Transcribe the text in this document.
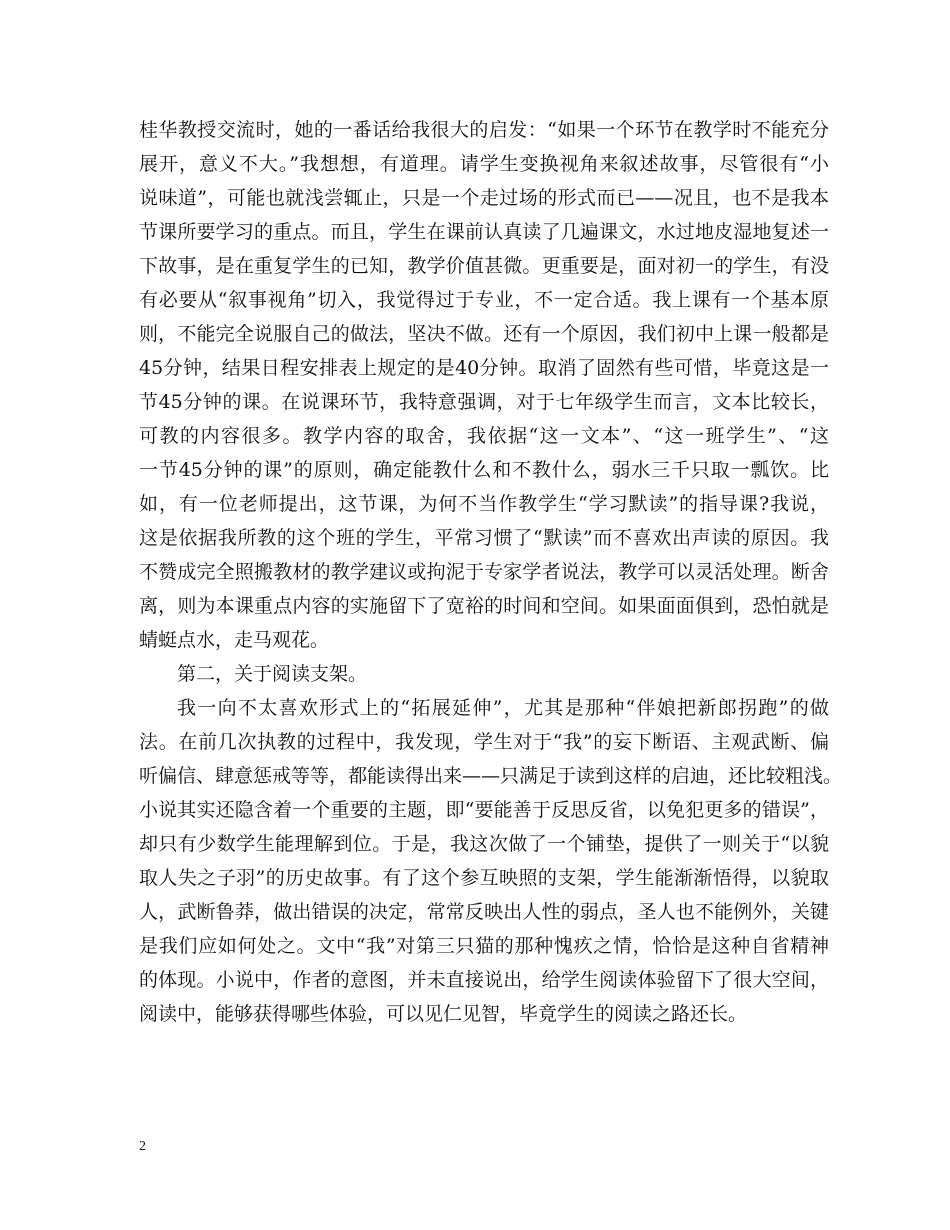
桂华教授交流时，她的一番话给我很大的启发：“如果一个环节在教学时不能充分
展开，意义不大。”我想想，有道理。请学生变换视角来叙述故事，尽管很有“小
说味道”，可能也就浅尝辄止，只是一个走过场的形式而已——况且，也不是我本
节课所要学习的重点。而且，学生在课前认真读了几遍课文，水过地皮湿地复述一
下故事，是在重复学生的已知，教学价值甚微。更重要是，面对初一的学生，有没
有必要从“叙事视角”切入，我觉得过于专业，不一定合适。我上课有一个基本原
则，不能完全说服自己的做法，坚决不做。还有一个原因，我们初中上课一般都是
45分钟，结果日程安排表上规定的是40分钟。取消了固然有些可惜，毕竟这是一
节45分钟的课。在说课环节，我特意强调，对于七年级学生而言，文本比较长，
可教的内容很多。教学内容的取舍，我依据“这一文本”、“这一班学生”、“这
一节45分钟的课”的原则，确定能教什么和不教什么，弱水三千只取一瓢饮。比
如，有一位老师提出，这节课，为何不当作教学生“学习默读”的指导课?我说，
这是依据我所教的这个班的学生，平常习惯了“默读”而不喜欢出声读的原因。我
不赞成完全照搬教材的教学建议或拘泥于专家学者说法，教学可以灵活处理。断舍
离，则为本课重点内容的实施留下了宽裕的时间和空间。如果面面俱到，恐怕就是
蜻蜓点水，走马观花。
第二，关于阅读支架。
我一向不太喜欢形式上的“拓展延伸”，尤其是那种“伴娘把新郎拐跑”的做
法。在前几次执教的过程中，我发现，学生对于“我”的妄下断语、主观武断、偏
听偏信、肆意惩戒等等，都能读得出来——只满足于读到这样的启迪，还比较粗浅。
小说其实还隐含着一个重要的主题，即“要能善于反思反省，以免犯更多的错误”，
却只有少数学生能理解到位。于是，我这次做了一个铺垫，提供了一则关于“以貌
取人失之子羽”的历史故事。有了这个参互映照的支架，学生能渐渐悟得，以貌取
人，武断鲁莽，做出错误的决定，常常反映出人性的弱点，圣人也不能例外，关键
是我们应如何处之。文中“我”对第三只猫的那种愧疚之情，恰恰是这种自省精神
的体现。小说中，作者的意图，并未直接说出，给学生阅读体验留下了很大空间，
阅读中，能够获得哪些体验，可以见仁见智，毕竟学生的阅读之路还长。
2
